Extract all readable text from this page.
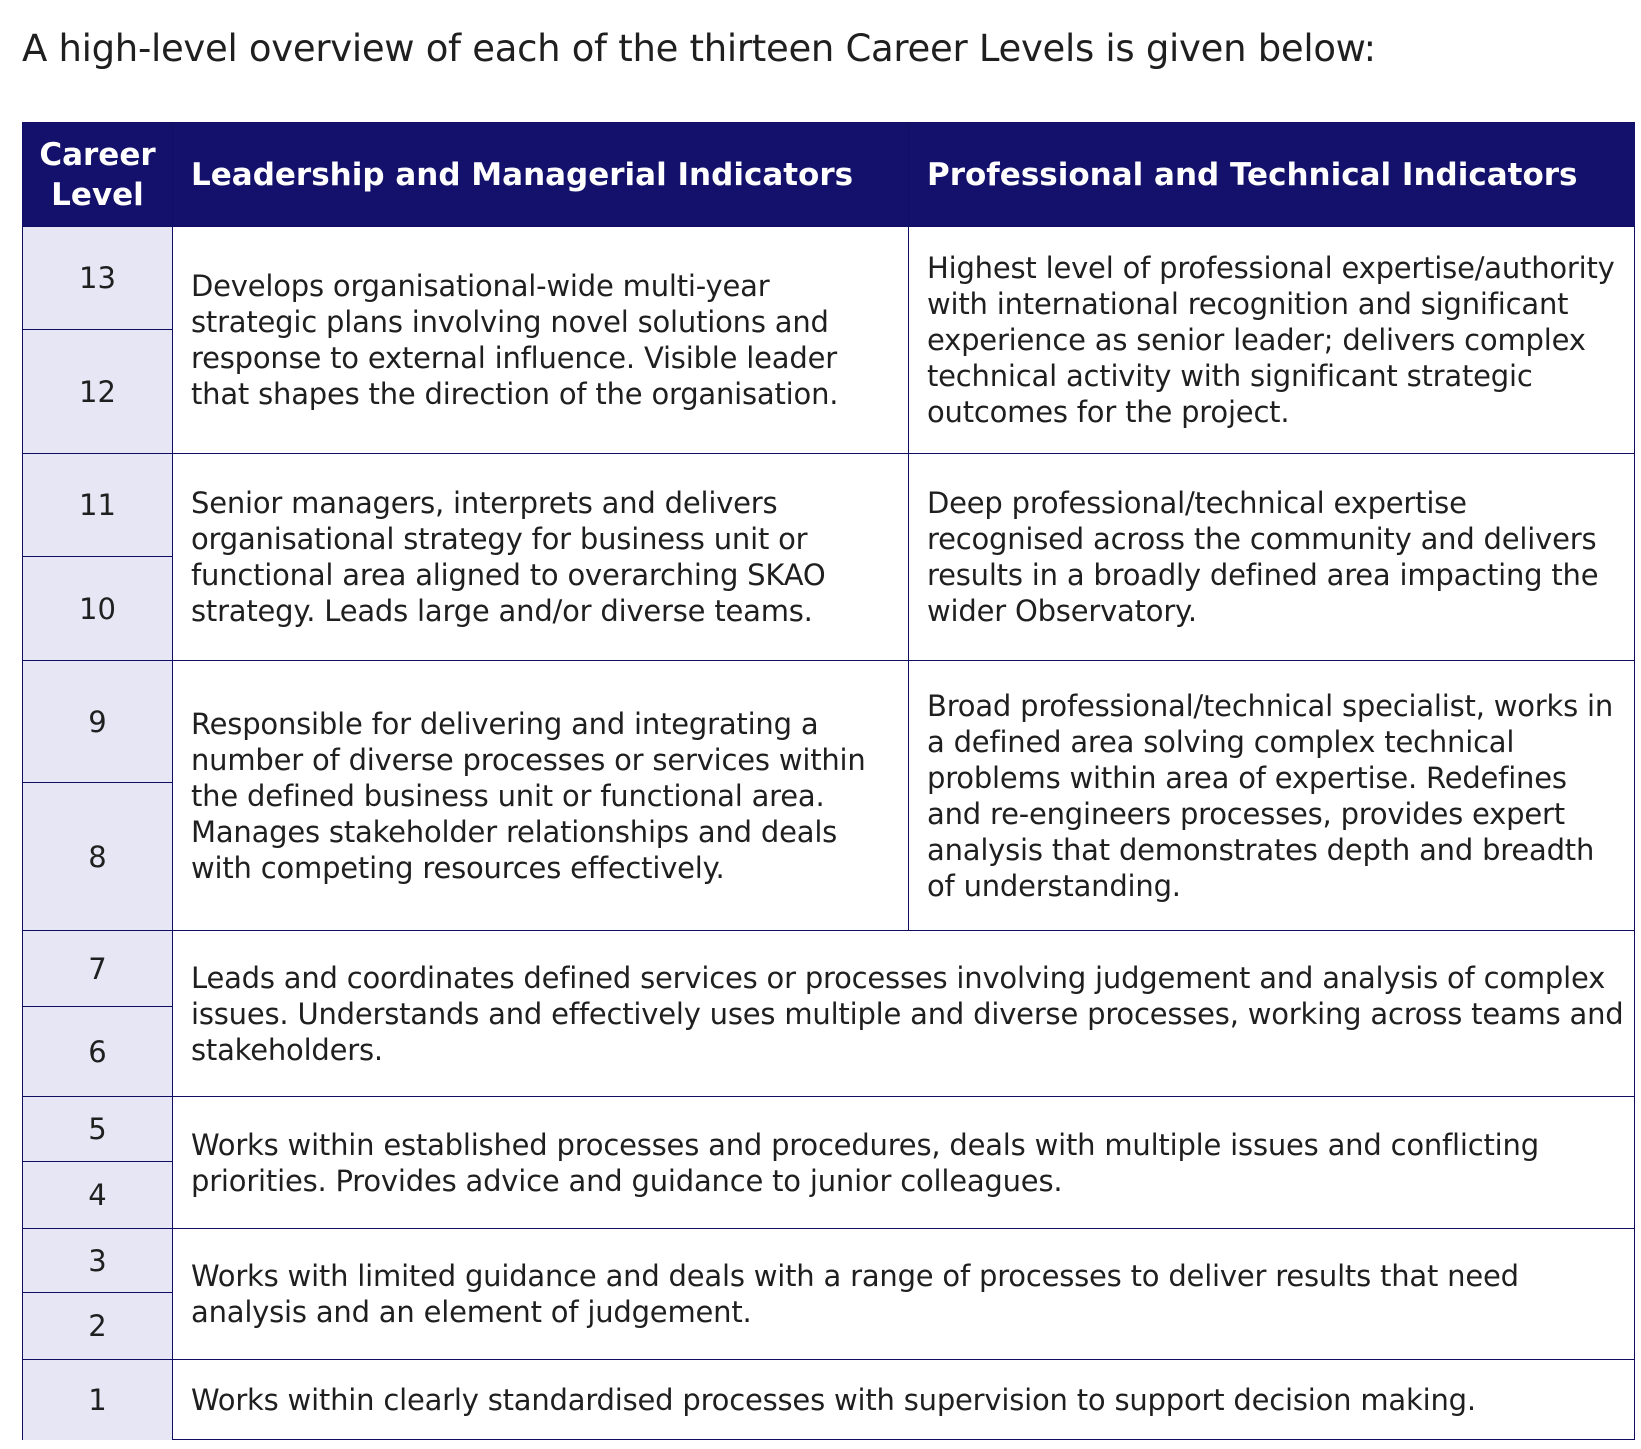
A high-level overview of each of the thirteen Career Levels is given below:

Career
Level
Leadership and Managerial Indicators	Professional and Technical Indicators
13
12
11
10
9
8
7
6
5
4
3
2
1
Develops organisational-wide multi-year strategic plans involving novel solutions and response to external influence. Visible leader that shapes the direction of the organisation.
Highest level of professional expertise/authority with international recognition and significant experience as senior leader; delivers complex technical activity with significant strategic outcomes for the project.
Senior managers, interprets and delivers organisational strategy for business unit or functional area aligned to overarching SKAO strategy. Leads large and/or diverse teams.
Deep professional/technical expertise recognised across the community and delivers results in a broadly defined area impacting the wider Observatory.
Responsible for delivering and integrating a number of diverse processes or services within the defined business unit or functional area. Manages stakeholder relationships and deals with competing resources effectively.
Broad professional/technical specialist, works in a defined area solving complex technical problems within area of expertise. Redefines and re-engineers processes, provides expert analysis that demonstrates depth and breadth of understanding.
Leads and coordinates defined services or processes involving judgement and analysis of complex issues. Understands and effectively uses multiple and diverse processes, working across teams and stakeholders.
Works within established processes and procedures, deals with multiple issues and conflicting priorities. Provides advice and guidance to junior colleagues.
Works with limited guidance and deals with a range of processes to deliver results that need analysis and an element of judgement.
Works within clearly standardised processes with supervision to support decision making.
